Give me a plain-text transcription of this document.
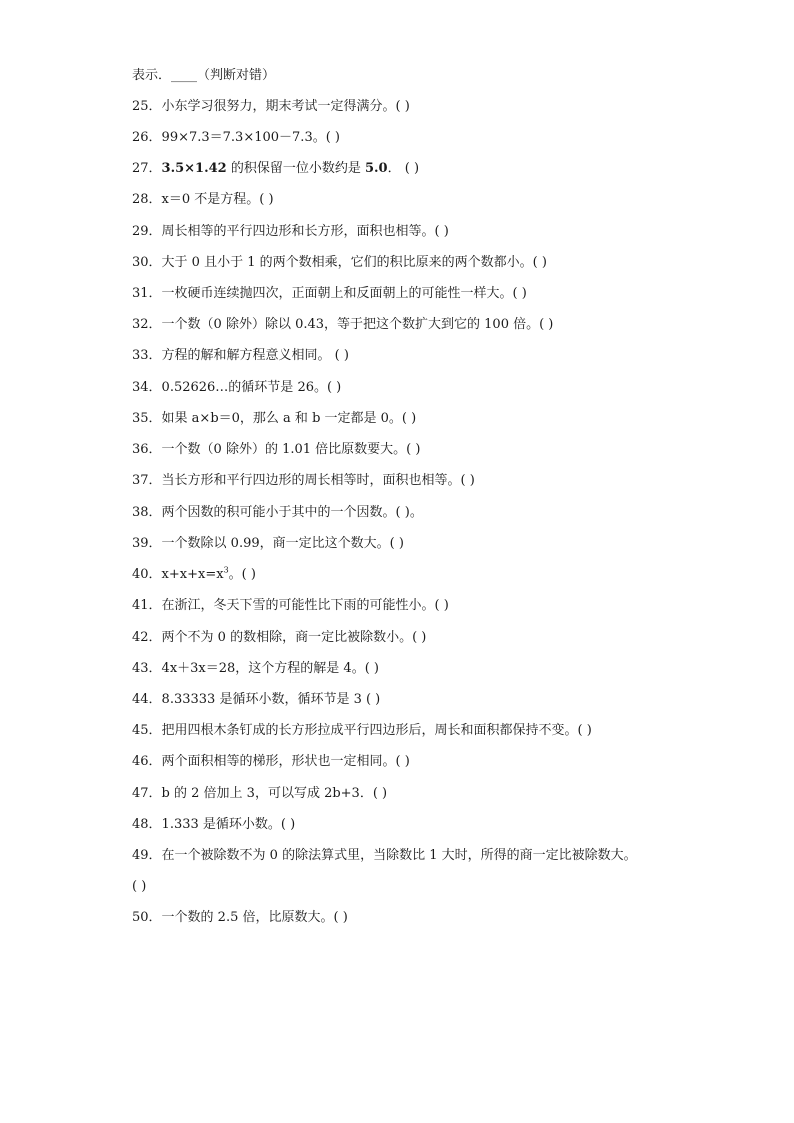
表示．____（判断对错）
25．小东学习很努力，期末考试一定得满分。( )
26．99×7.3＝7.3×100－7.3。( )
27．3.5×1.42 的积保留一位小数约是 5.0． ( )
28．x＝0 不是方程。( )
29．周长相等的平行四边形和长方形，面积也相等。( )
30．大于 0 且小于 1 的两个数相乘，它们的积比原来的两个数都小。( )
31．一枚硬币连续抛四次，正面朝上和反面朝上的可能性一样大。( )
32．一个数（0 除外）除以 0.43，等于把这个数扩大到它的 100 倍。( )
33．方程的解和解方程意义相同。 ( )
34．0.52626…的循环节是 26。( )
35．如果 a×b＝0，那么 a 和 b 一定都是 0。( )
36．一个数（0 除外）的 1.01 倍比原数要大。( )
37．当长方形和平行四边形的周长相等时，面积也相等。( )
38．两个因数的积可能小于其中的一个因数。( )。
39．一个数除以 0.99，商一定比这个数大。( )
40．$x+x+x=x^3$。( )
41．在浙江，冬天下雪的可能性比下雨的可能性小。( )
42．两个不为 0 的数相除，商一定比被除数小。( )
43．4x＋3x＝28，这个方程的解是 4。( )
44．8.33333 是循环小数，循环节是 3 ( )
45．把用四根木条钉成的长方形拉成平行四边形后，周长和面积都保持不变。( )
46．两个面积相等的梯形，形状也一定相同。( )
47．b 的 2 倍加上 3，可以写成 2b+3．( )
48．1.333 是循环小数。( )
49．在一个被除数不为 0 的除法算式里，当除数比 1 大时，所得的商一定比被除数大。
( )
50．一个数的 2.5 倍，比原数大。( )
